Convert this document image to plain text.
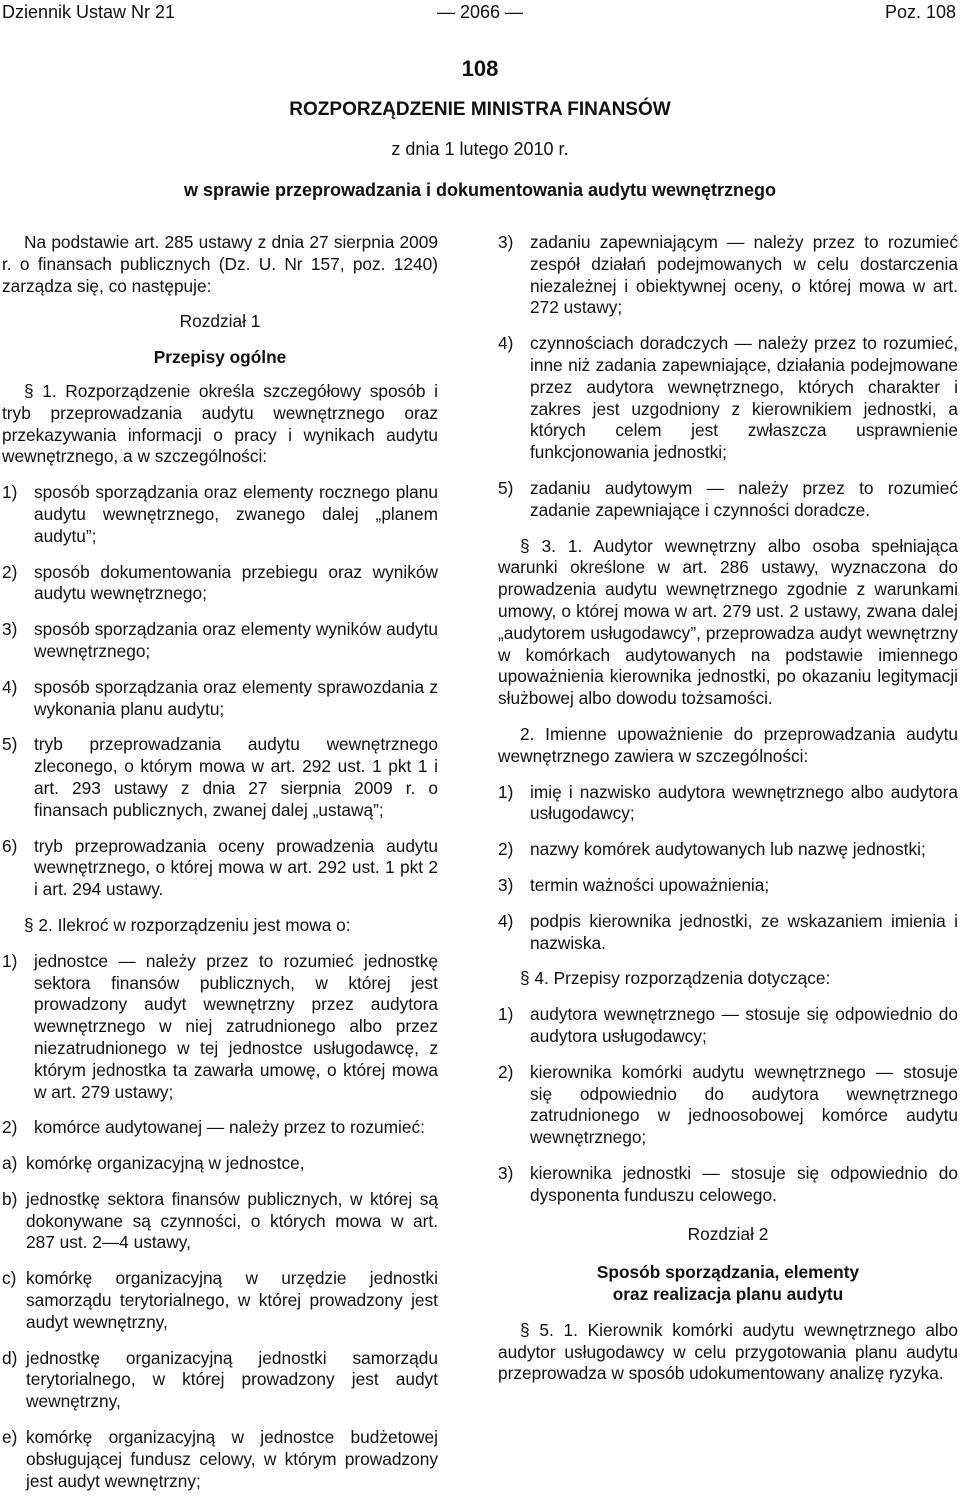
Dziennik Ustaw Nr 21	— 2066 —	Poz. 108
108
ROZPORZĄDZENIE MINISTRA FINANSÓW
z dnia 1 lutego 2010 r.
w sprawie przeprowadzania i dokumentowania audytu wewnętrznego

Na podstawie art. 285 ustawy z dnia 27 sierpnia 2009 r. o finansach publicznych (Dz. U. Nr 157, poz. 1240) zarządza się, co następuje:

Rozdział 1

Przepisy ogólne

§ 1. Rozporządzenie określa szczegółowy sposób i tryb przeprowadzania audytu wewnętrznego oraz przekazywania informacji o pracy i wynikach audytu wewnętrznego, a w szczególności:

1) sposób sporządzania oraz elementy rocznego planu audytu wewnętrznego, zwanego dalej „planem audytu”;
2) sposób dokumentowania przebiegu oraz wyników audytu wewnętrznego;
3) sposób sporządzania oraz elementy wyników audytu wewnętrznego;
4) sposób sporządzania oraz elementy sprawozdania z wykonania planu audytu;
5) tryb przeprowadzania audytu wewnętrznego zleconego, o którym mowa w art. 292 ust. 1 pkt 1 i art. 293 ustawy z dnia 27 sierpnia 2009 r. o finansach publicznych, zwanej dalej „ustawą”;
6) tryb przeprowadzania oceny prowadzenia audytu wewnętrznego, o której mowa w art. 292 ust. 1 pkt 2 i art. 294 ustawy.

§ 2. Ilekroć w rozporządzeniu jest mowa o:

1) jednostce — należy przez to rozumieć jednostkę sektora finansów publicznych, w której jest prowadzony audyt wewnętrzny przez audytora wewnętrznego w niej zatrudnionego albo przez niezatrudnionego w tej jednostce usługodawcę, z którym jednostka ta zawarła umowę, o której mowa w art. 279 ustawy;
2) komórce audytowanej — należy przez to rozumieć:
a) komórkę organizacyjną w jednostce,
b) jednostkę sektora finansów publicznych, w której są dokonywane są czynności, o których mowa w art. 287 ust. 2—4 ustawy,
c) komórkę organizacyjną w urzędzie jednostki samorządu terytorialnego, w której prowadzony jest audyt wewnętrzny,
d) jednostkę organizacyjną jednostki samorządu terytorialnego, w której prowadzony jest audyt wewnętrzny,
e) komórkę organizacyjną w jednostce budżetowej obsługującej fundusz celowy, w którym prowadzony jest audyt wewnętrzny;
3) zadaniu zapewniającym — należy przez to rozumieć zespół działań podejmowanych w celu dostarczenia niezależnej i obiektywnej oceny, o której mowa w art. 272 ustawy;
4) czynnościach doradczych — należy przez to rozumieć, inne niż zadania zapewniające, działania podejmowane przez audytora wewnętrznego, których charakter i zakres jest uzgodniony z kierownikiem jednostki, a których celem jest zwłaszcza usprawnienie funkcjonowania jednostki;
5) zadaniu audytowym — należy przez to rozumieć zadanie zapewniające i czynności doradcze.

§ 3. 1. Audytor wewnętrzny albo osoba spełniająca warunki określone w art. 286 ustawy, wyznaczona do prowadzenia audytu wewnętrznego zgodnie z warunkami umowy, o której mowa w art. 279 ust. 2 ustawy, zwana dalej „audytorem usługodawcy”, przeprowadza audyt wewnętrzny w komórkach audytowanych na podstawie imiennego upoważnienia kierownika jednostki, po okazaniu legitymacji służbowej albo dowodu tożsamości.

2. Imienne upoważnienie do przeprowadzania audytu wewnętrznego zawiera w szczególności:

1) imię i nazwisko audytora wewnętrznego albo audytora usługodawcy;
2) nazwy komórek audytowanych lub nazwę jednostki;
3) termin ważności upoważnienia;
4) podpis kierownika jednostki, ze wskazaniem imienia i nazwiska.

§ 4. Przepisy rozporządzenia dotyczące:

1) audytora wewnętrznego — stosuje się odpowiednio do audytora usługodawcy;
2) kierownika komórki audytu wewnętrznego — stosuje się odpowiednio do audytora wewnętrznego zatrudnionego w jednoosobowej komórce audytu wewnętrznego;
3) kierownika jednostki — stosuje się odpowiednio do dysponenta funduszu celowego.

Rozdział 2

Sposób sporządzania, elementy

oraz realizacja planu audytu

§ 5. 1. Kierownik komórki audytu wewnętrznego albo audytor usługodawcy w celu przygotowania planu audytu przeprowadza w sposób udokumentowany analizę ryzyka.
